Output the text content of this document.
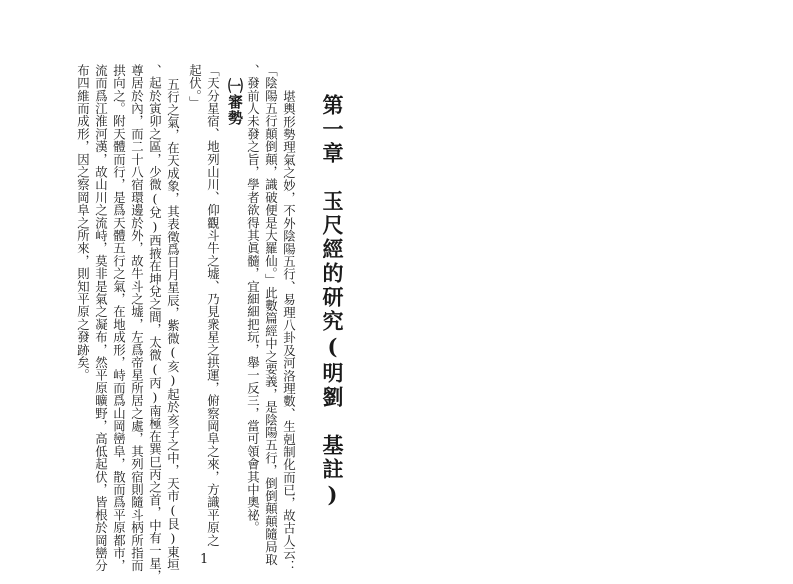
第一章　玉尺經的研究(明劉　基註)
堪輿形勢理氣之妙，不外陰陽五行、易理八卦及河洛理數、生剋制化而已，故古人云：
「陰陽五行顛倒顛，識破便是大羅仙。」此數篇經中之要義，是陰陽五行，倒倒顛顛隨局取
、發前人未發之旨，學者欲得其眞髓，宜細細把玩，舉一反三，當可領會其中奧祕。
㈠審勢
「天分星宿、地列山川、仰觀斗牛之墟、乃見衆星之拱運，俯察岡阜之來，方識平原之
起伏。」
五行之氣，在天成象，其表徵爲日月星辰，紫微(亥)起於亥子之中，天市(艮)東垣
、起於寅卯之區，少微(兌)西掖在坤兌之間，太微(丙)南極在巽巳丙之首，中有一星，
尊居於內，而二十八宿環邊於外，故牛斗之墟，左爲帝星所居之處，其列宿則隨斗柄所指而
拱向之。附天體而行，是爲天體五行之氣，在地成形，峙而爲山岡巒阜，散而爲平原都市，
流而爲江淮河漢，故山川之流峙，莫非是氣之凝布，然平原曠野，高低起伏，皆根於岡巒分
布四維而成形，因之察岡阜之所來，則知平原之發跡矣。
1
